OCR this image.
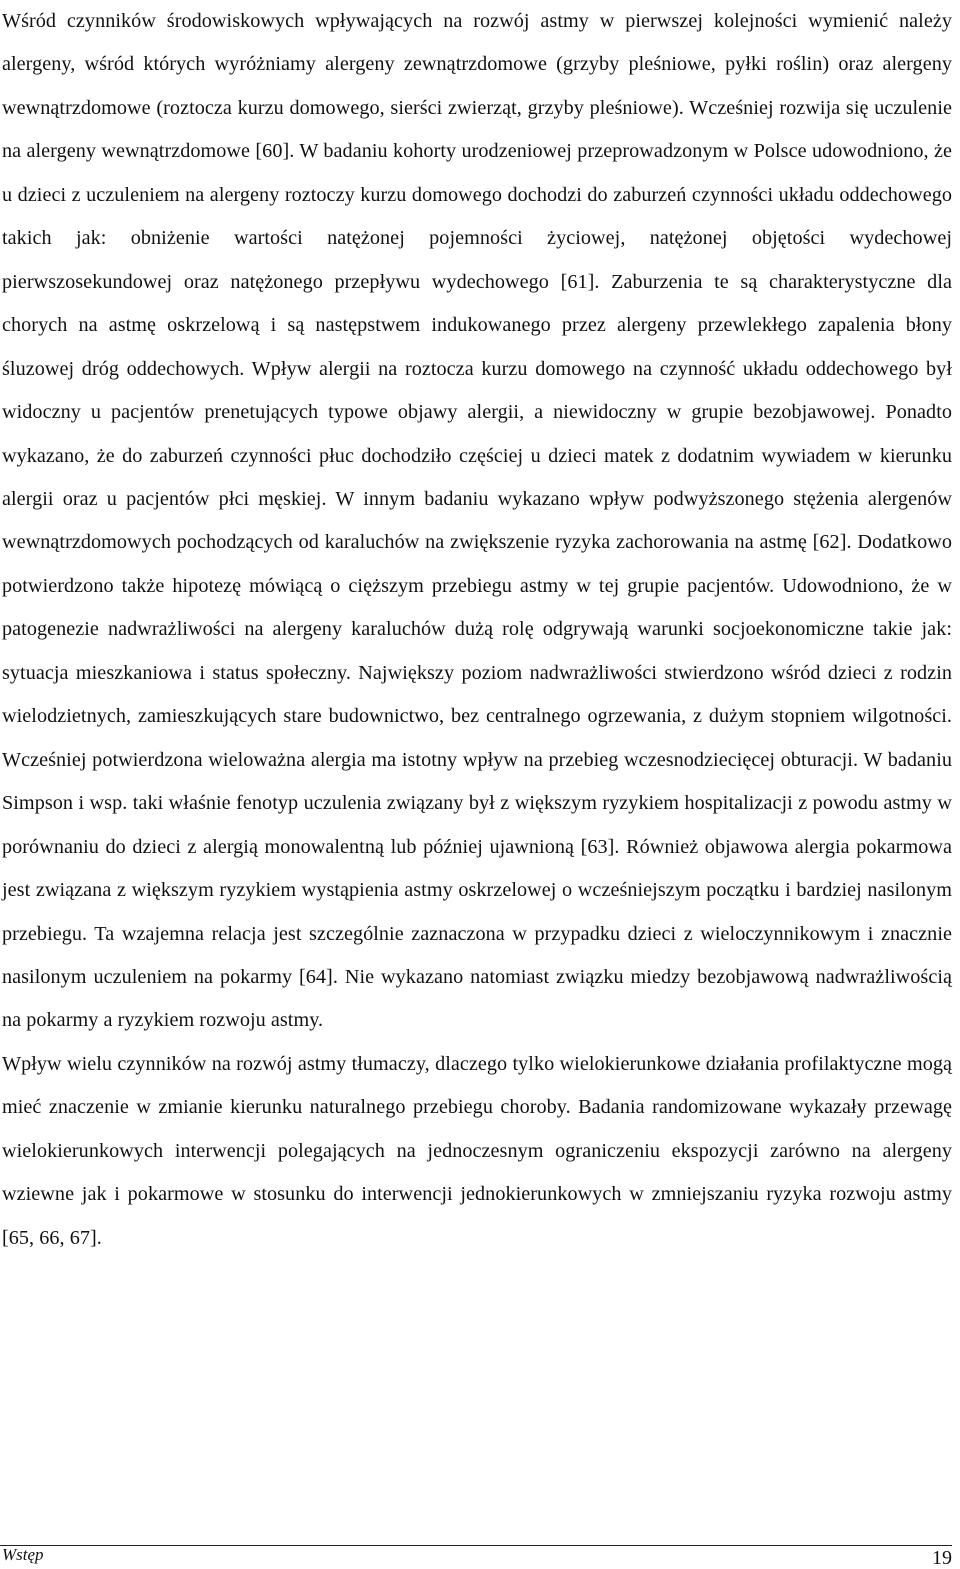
Wśród czynników środowiskowych wpływających na rozwój astmy w pierwszej kolejności wymienić należy alergeny, wśród których wyróżniamy alergeny zewnątrzdomowe (grzyby pleśniowe, pyłki roślin) oraz alergeny wewnątrzdomowe (roztocza kurzu domowego, sierści zwierząt, grzyby pleśniowe). Wcześniej rozwija się uczulenie na alergeny wewnątrzdomowe [60]. W badaniu kohorty urodzeniowej przeprowadzonym w Polsce udowodniono, że u dzieci z uczuleniem na alergeny roztoczy kurzu domowego dochodzi do zaburzeń czynności układu oddechowego takich jak: obniżenie wartości natężonej pojemności życiowej, natężonej objętości wydechowej pierwszosekundowej oraz natężonego przepływu wydechowego [61]. Zaburzenia te są charakterystyczne dla chorych na astmę oskrzelową i są następstwem indukowanego przez alergeny przewlekłego zapalenia błony śluzowej dróg oddechowych. Wpływ alergii na roztocza kurzu domowego na czynność układu oddechowego był widoczny u pacjentów prenetujących typowe objawy alergii, a niewidoczny w grupie bezobjawowej. Ponadto wykazano, że do zaburzeń czynności płuc dochodziło częściej u dzieci matek z dodatnim wywiadem w kierunku alergii oraz u pacjentów płci męskiej. W innym badaniu wykazano wpływ podwyższonego stężenia alergenów wewnątrzdomowych pochodzących od karaluchów na zwiększenie ryzyka zachorowania na astmę [62]. Dodatkowo potwierdzono także hipotezę mówiącą o cięższym przebiegu astmy w tej grupie pacjentów. Udowodniono, że w patogenezie nadwrażliwości na alergeny karaluchów dużą rolę odgrywają warunki socjoekonomiczne takie jak: sytuacja mieszkaniowa i status społeczny. Największy poziom nadwrażliwości stwierdzono wśród dzieci z rodzin wielodzietnych, zamieszkujących stare budownictwo, bez centralnego ogrzewania, z dużym stopniem wilgotności. Wcześniej potwierdzona wieloważna alergia ma istotny wpływ na przebieg wczesnodziecięcej obturacji. W badaniu Simpson i wsp. taki właśnie fenotyp uczulenia związany był z większym ryzykiem hospitalizacji z powodu astmy w porównaniu do dzieci z alergią monowalentną lub później ujawnioną [63]. Również objawowa alergia pokarmowa jest związana z większym ryzykiem wystąpienia astmy oskrzelowej o wcześniejszym początku i bardziej nasilonym przebiegu. Ta wzajemna relacja jest szczególnie zaznaczona w przypadku dzieci z wieloczynnikowym i znacznie nasilonym uczuleniem na pokarmy [64]. Nie wykazano natomiast związku miedzy bezobjawową nadwrażliwością na pokarmy a ryzykiem rozwoju astmy.

Wpływ wielu czynników na rozwój astmy tłumaczy, dlaczego tylko wielokierunkowe działania profilaktyczne mogą mieć znaczenie w zmianie kierunku naturalnego przebiegu choroby. Badania randomizowane wykazały przewagę wielokierunkowych interwencji polegających na jednoczesnym ograniczeniu ekspozycji zarówno na alergeny wziewne jak i pokarmowe w stosunku do interwencji jednokierunkowych w zmniejszaniu ryzyka rozwoju astmy [65, 66, 67].

Wstęp	19
